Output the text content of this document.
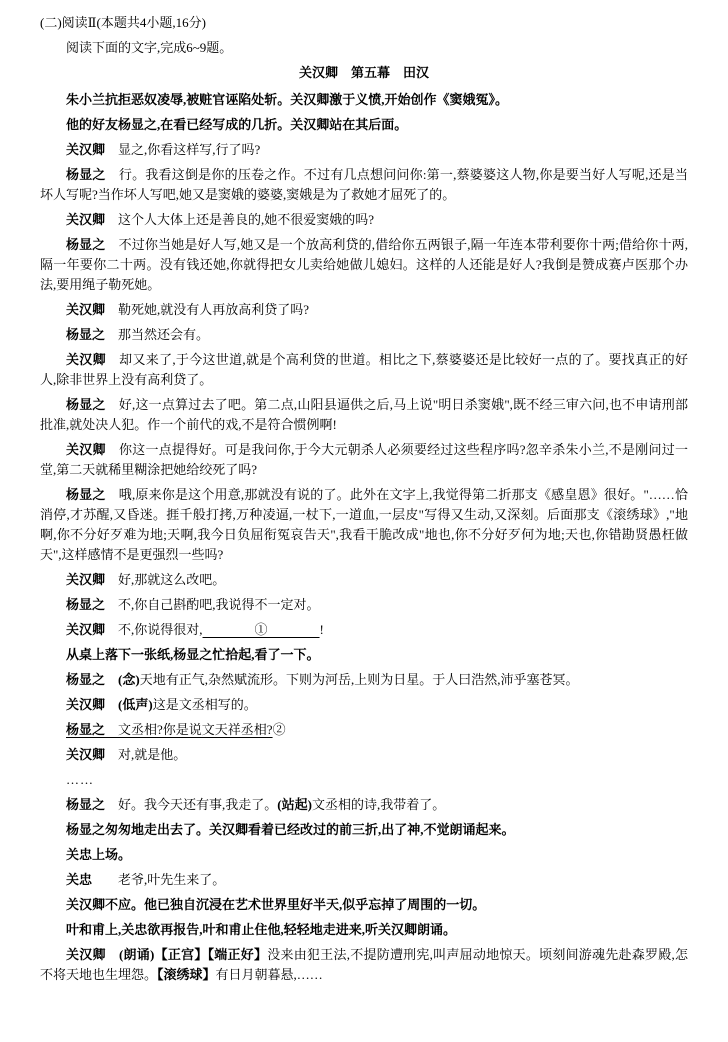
(二)阅读Ⅱ(本题共4小题,16分)

阅读下面的文字,完成6~9题。

关汉卿　第五幕　田汉

朱小兰抗拒恶奴凌辱,被赃官诬陷处斩。关汉卿激于义愤,开始创作《窦娥冤》。

他的好友杨显之,在看已经写成的几折。关汉卿站在其后面。

关汉卿　显之,你看这样写,行了吗?

杨显之　行。我看这倒是你的压卷之作。不过有几点想问问你:第一,蔡婆婆这人物,你是要当好人写呢,还是当坏人写呢?当作坏人写吧,她又是窦娥的婆婆,窦娥是为了救她才屈死了的。

关汉卿　这个人大体上还是善良的,她不很爱窦娥的吗?

杨显之　不过你当她是好人写,她又是一个放高利贷的,借给你五两银子,隔一年连本带利要你十两;借给你十两,隔一年要你二十两。没有钱还她,你就得把女儿卖给她做儿媳妇。这样的人还能是好人?我倒是赞成赛卢医那个办法,要用绳子勒死她。

关汉卿　勒死她,就没有人再放高利贷了吗?

杨显之　那当然还会有。

关汉卿　却又来了,于今这世道,就是个高利贷的世道。相比之下,蔡婆婆还是比较好一点的了。要找真正的好人,除非世界上没有高利贷了。

杨显之　好,这一点算过去了吧。第二点,山阳县逼供之后,马上说"明日杀窦娥",既不经三审六问,也不申请刑部批准,就处决人犯。作一个前代的戏,不是符合惯例啊!

关汉卿　你这一点提得好。可是我问你,于今大元朝杀人必须要经过这些程序吗?忽辛杀朱小兰,不是刚问过一堂,第二天就稀里糊涂把她给绞死了吗?

杨显之　哦,原来你是这个用意,那就没有说的了。此外在文字上,我觉得第二折那支《感皇恩》很好。"……恰消停,才苏醒,又昏迷。捱千般打拷,万种凌逼,一杖下,一道血,一层皮"写得又生动,又深刻。后面那支《滚绣球》,"地啊,你不分好歹难为地;天啊,我今日负屈衔冤哀告天",我看干脆改成"地也,你不分好歹何为地;天也,你错勘贤愚枉做天",这样感情不是更强烈一些吗?

关汉卿　好,那就这么改吧。

杨显之　不,你自己斟酌吧,我说得不一定对。

关汉卿　不,你说得很对,　　　　①　　　　!

从桌上落下一张纸,杨显之忙拾起,看了一下。

杨显之　(念)天地有正气,杂然赋流形。下则为河岳,上则为日星。于人曰浩然,沛乎塞苍冥。

关汉卿　(低声)这是文丞相写的。

杨显之　文丞相?你是说文天祥丞相?②

关汉卿　对,就是他。

……

杨显之　好。我今天还有事,我走了。(站起)文丞相的诗,我带着了。

杨显之匆匆地走出去了。关汉卿看着已经改过的前三折,出了神,不觉朗诵起来。

关忠上场。

关忠　　老爷,叶先生来了。

关汉卿不应。他已独自沉浸在艺术世界里好半天,似乎忘掉了周围的一切。

叶和甫上,关忠欲再报告,叶和甫止住他,轻轻地走进来,听关汉卿朗诵。

关汉卿　(朗诵)【正宫】【端正好】没来由犯王法,不提防遭刑宪,叫声屈动地惊天。顷刻间游魂先赴森罗殿,怎不将天地也生埋怨。【滚绣球】有日月朝暮悬,……
